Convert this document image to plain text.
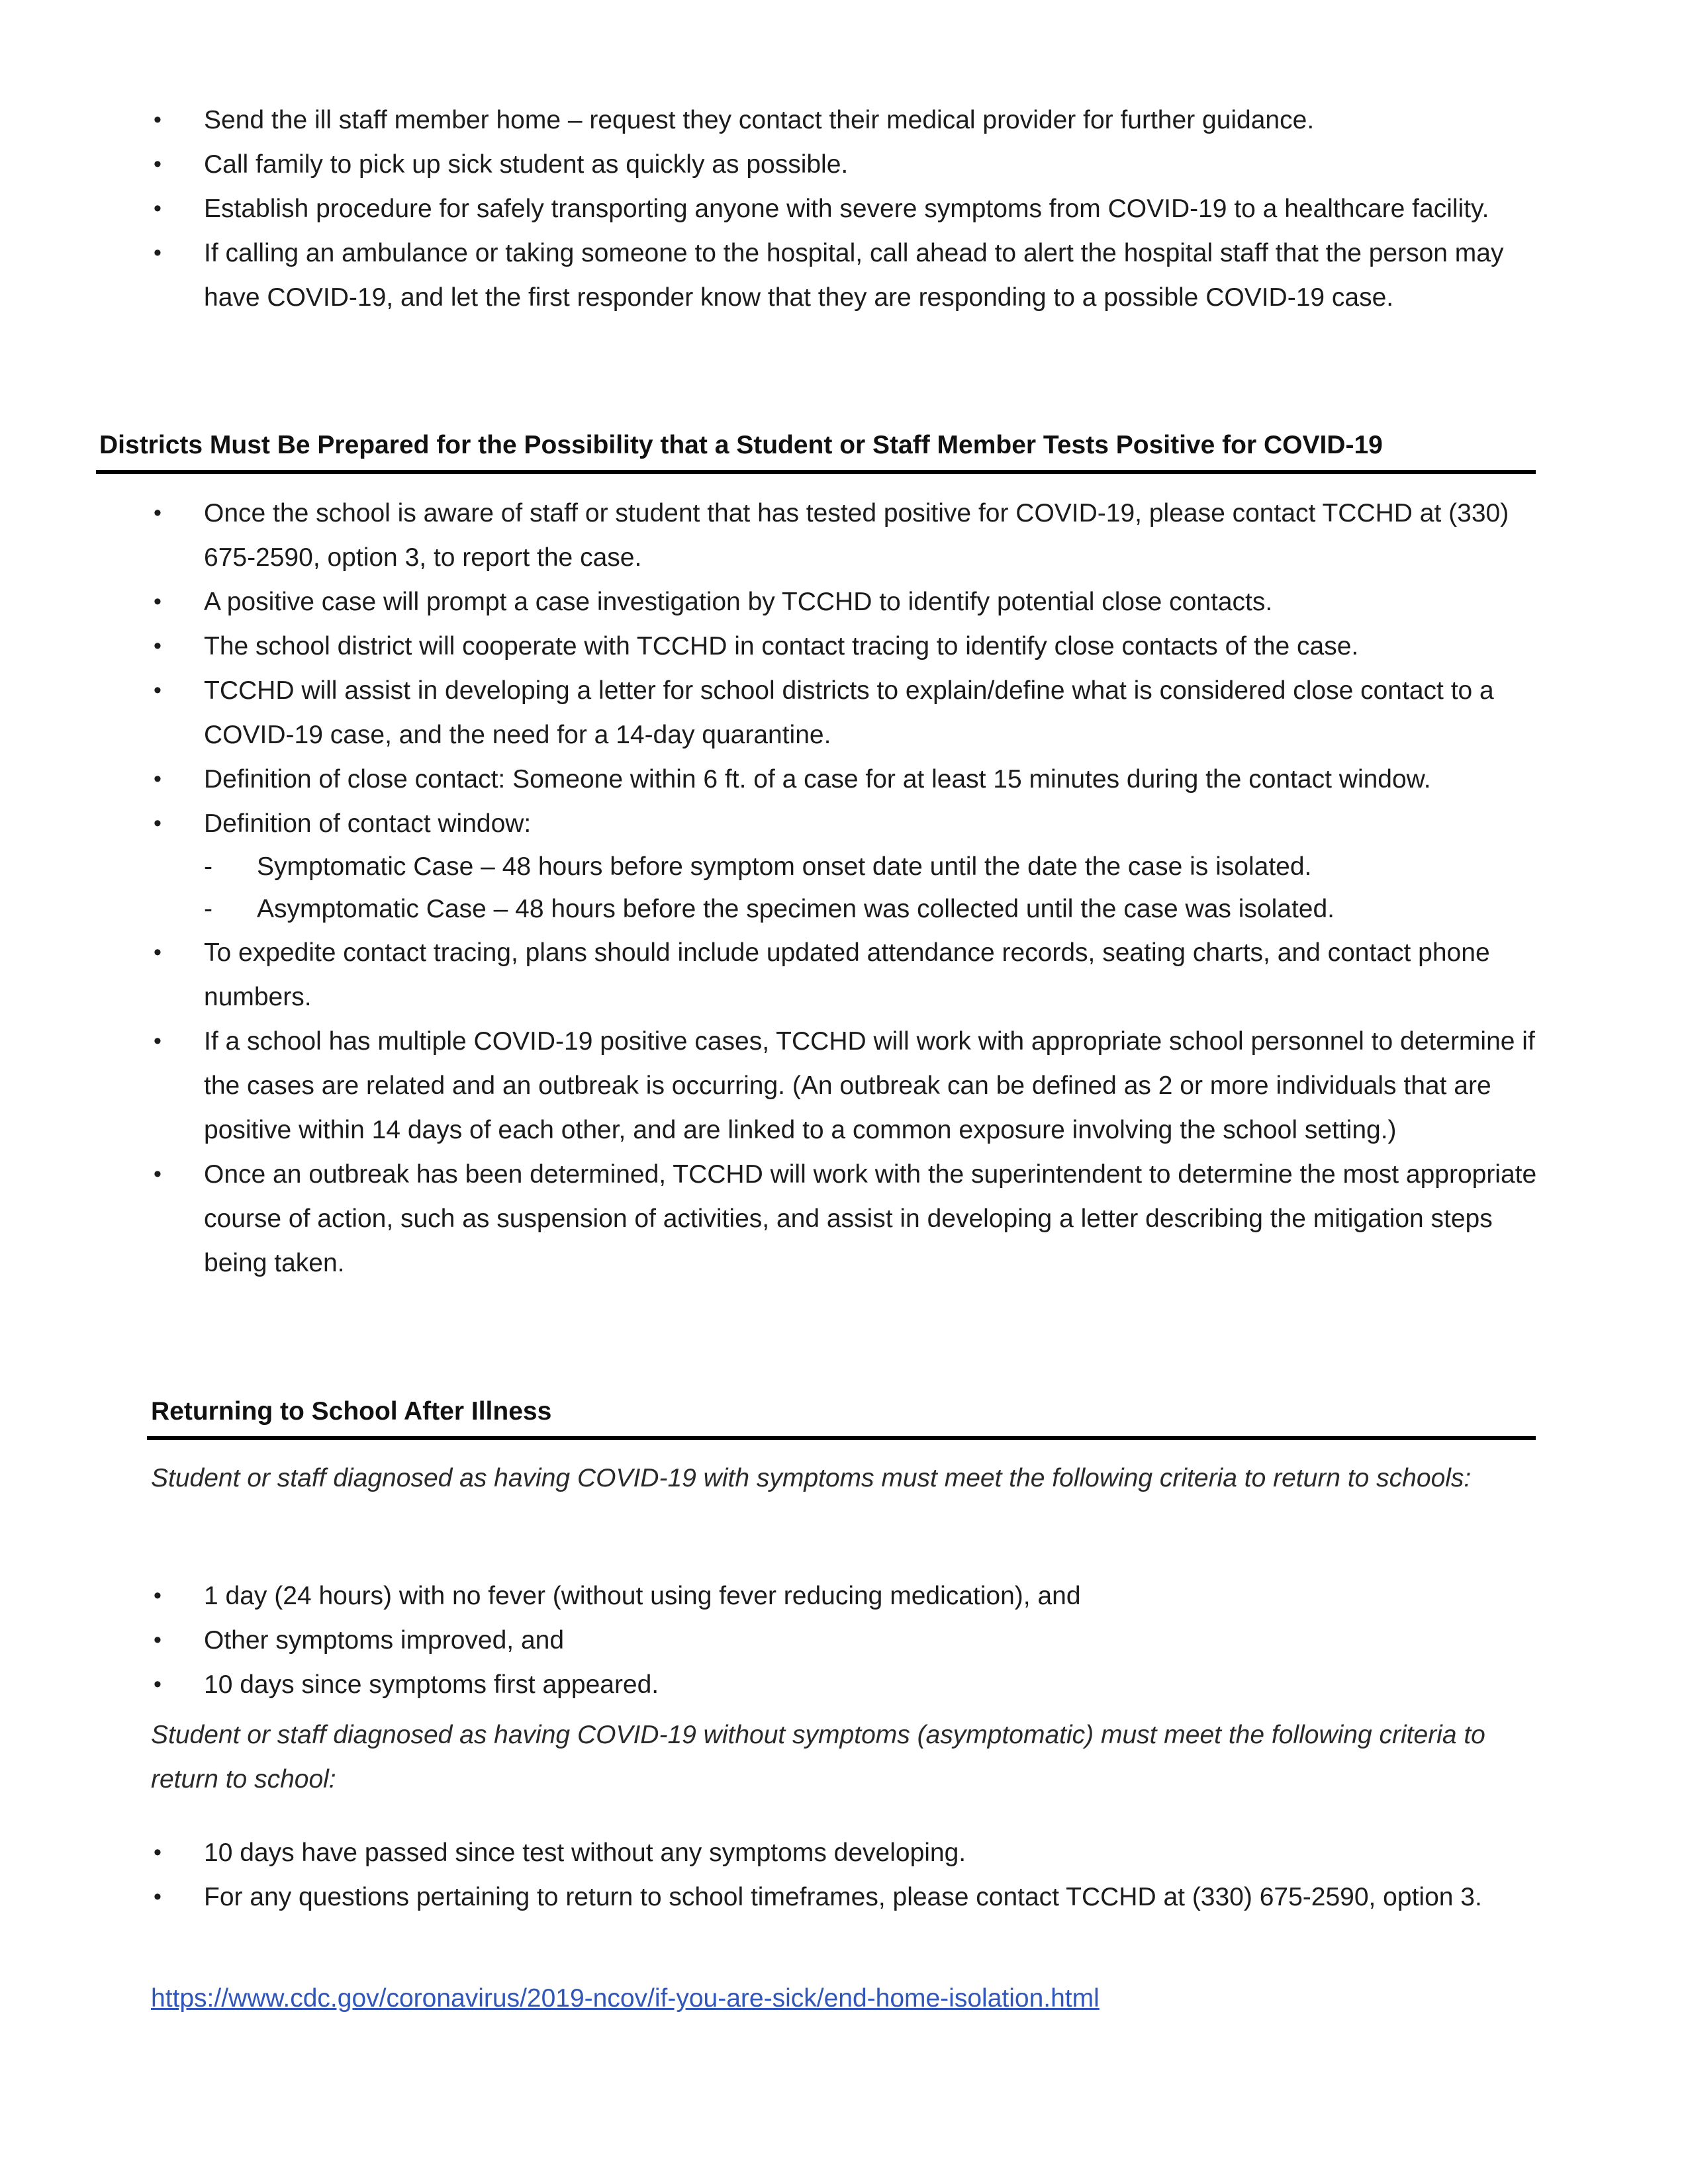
• Send the ill staff member home – request they contact their medical provider for further guidance.
• Call family to pick up sick student as quickly as possible.
• Establish procedure for safely transporting anyone with severe symptoms from COVID-19 to a healthcare facility.
• If calling an ambulance or taking someone to the hospital, call ahead to alert the hospital staff that the person may have COVID-19, and let the first responder know that they are responding to a possible COVID-19 case.
Districts Must Be Prepared for the Possibility that a Student or Staff Member Tests Positive for COVID-19
• Once the school is aware of staff or student that has tested positive for COVID-19, please contact TCCHD at (330) 675-2590, option 3, to report the case.
• A positive case will prompt a case investigation by TCCHD to identify potential close contacts.
• The school district will cooperate with TCCHD in contact tracing to identify close contacts of the case.
• TCCHD will assist in developing a letter for school districts to explain/define what is considered close contact to a COVID-19 case, and the need for a 14-day quarantine.
• Definition of close contact: Someone within 6 ft. of a case for at least 15 minutes during the contact window.
• Definition of contact window:
- Symptomatic Case – 48 hours before symptom onset date until the date the case is isolated.
- Asymptomatic Case – 48 hours before the specimen was collected until the case was isolated.
• To expedite contact tracing, plans should include updated attendance records, seating charts, and contact phone numbers.
• If a school has multiple COVID-19 positive cases, TCCHD will work with appropriate school personnel to determine if the cases are related and an outbreak is occurring. (An outbreak can be defined as 2 or more individuals that are positive within 14 days of each other, and are linked to a common exposure involving the school setting.)
• Once an outbreak has been determined, TCCHD will work with the superintendent to determine the most appropriate course of action, such as suspension of activities, and assist in developing a letter describing the mitigation steps being taken.
Returning to School After Illness
Student or staff diagnosed as having COVID-19 with symptoms must meet the following criteria to return to schools:
• 1 day (24 hours) with no fever (without using fever reducing medication), and
• Other symptoms improved, and
• 10 days since symptoms first appeared.
Student or staff diagnosed as having COVID-19 without symptoms (asymptomatic) must meet the following criteria to return to school:
• 10 days have passed since test without any symptoms developing.
• For any questions pertaining to return to school timeframes, please contact TCCHD at (330) 675-2590, option 3.
https://www.cdc.gov/coronavirus/2019-ncov/if-you-are-sick/end-home-isolation.html
